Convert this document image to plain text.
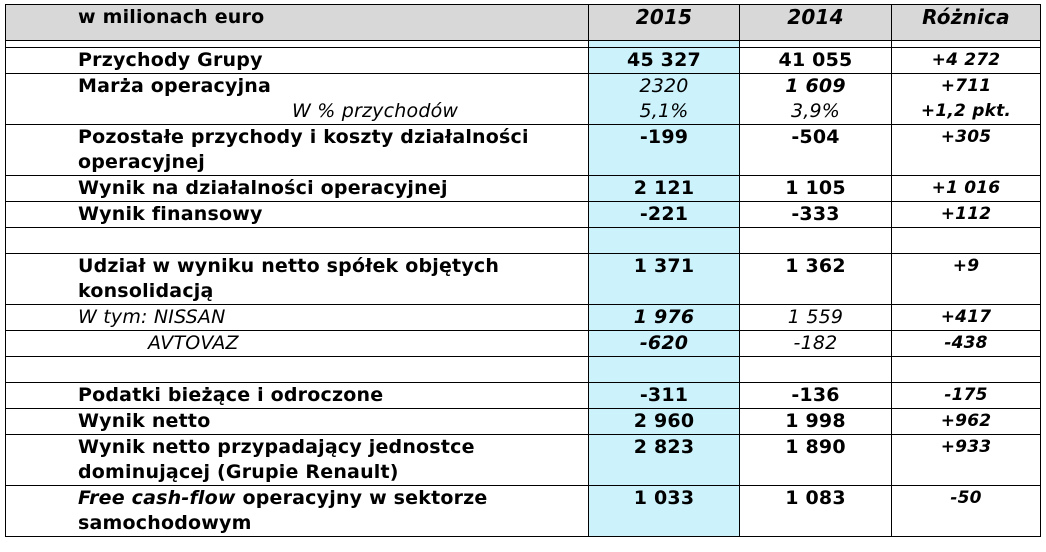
w milionach euro	2015	2014	Różnica

Przychody Grupy	45 327	41 055	+4 272
Marża operacyjna	2320	1 609	+711
W % przychodów	5,1%	3,9%	+1,2 pkt.
Pozostałe przychody i koszty działalności
operacyjnej	-199	-504	+305
Wynik na działalności operacyjnej	2 121	1 105	+1 016
Wynik finansowy	-221	-333	+112

Udział w wyniku netto spółek objętych
konsolidacją	1 371	1 362	+9
W tym: NISSAN	1 976	1 559	+417
AVTOVAZ	-620	-182	-438

Podatki bieżące i odroczone	-311	-136	-175
Wynik netto	2 960	1 998	+962
Wynik netto przypadający jednostce
dominującej (Grupie Renault)	2 823	1 890	+933
Free cash-flow operacyjny w sektorze
samochodowym	1 033	1 083	-50
